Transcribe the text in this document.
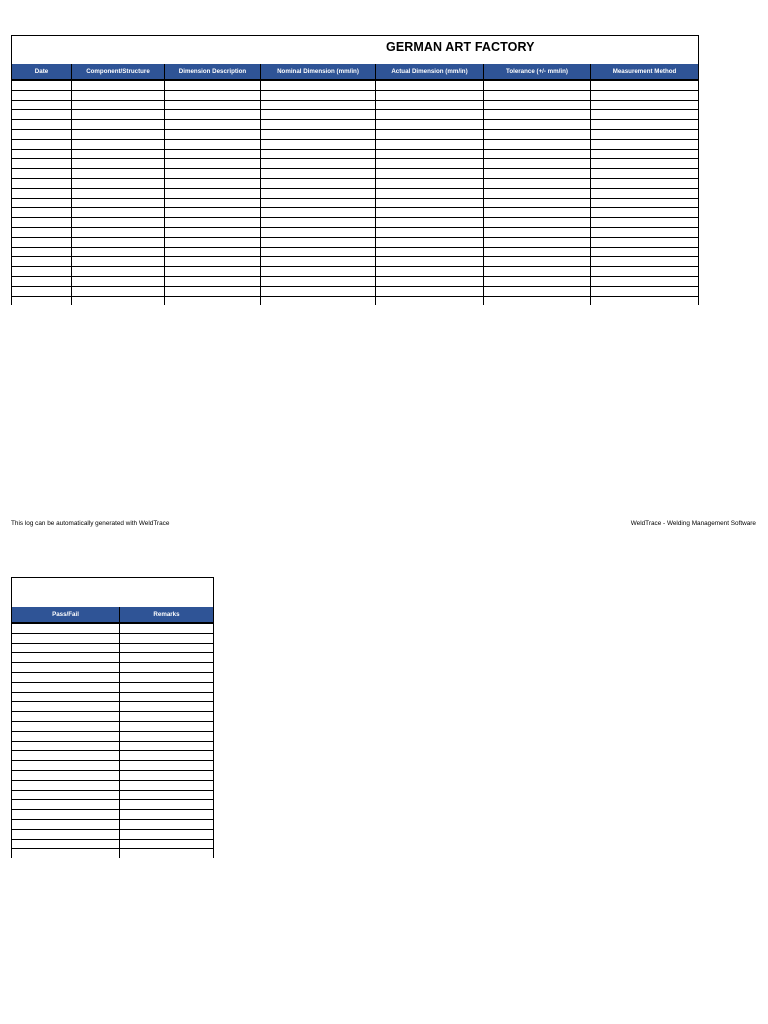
GERMAN ART FACTORY
Date	Component/Structure	Dimension Description	Nominal Dimension (mm/in)	Actual Dimension (mm/in)	Tolerance (+/- mm/in)	Measurement Method

This log can be automatically generated with WeldTrace	WeldTrace - Welding Management Software
Pass/Fail	Remarks
